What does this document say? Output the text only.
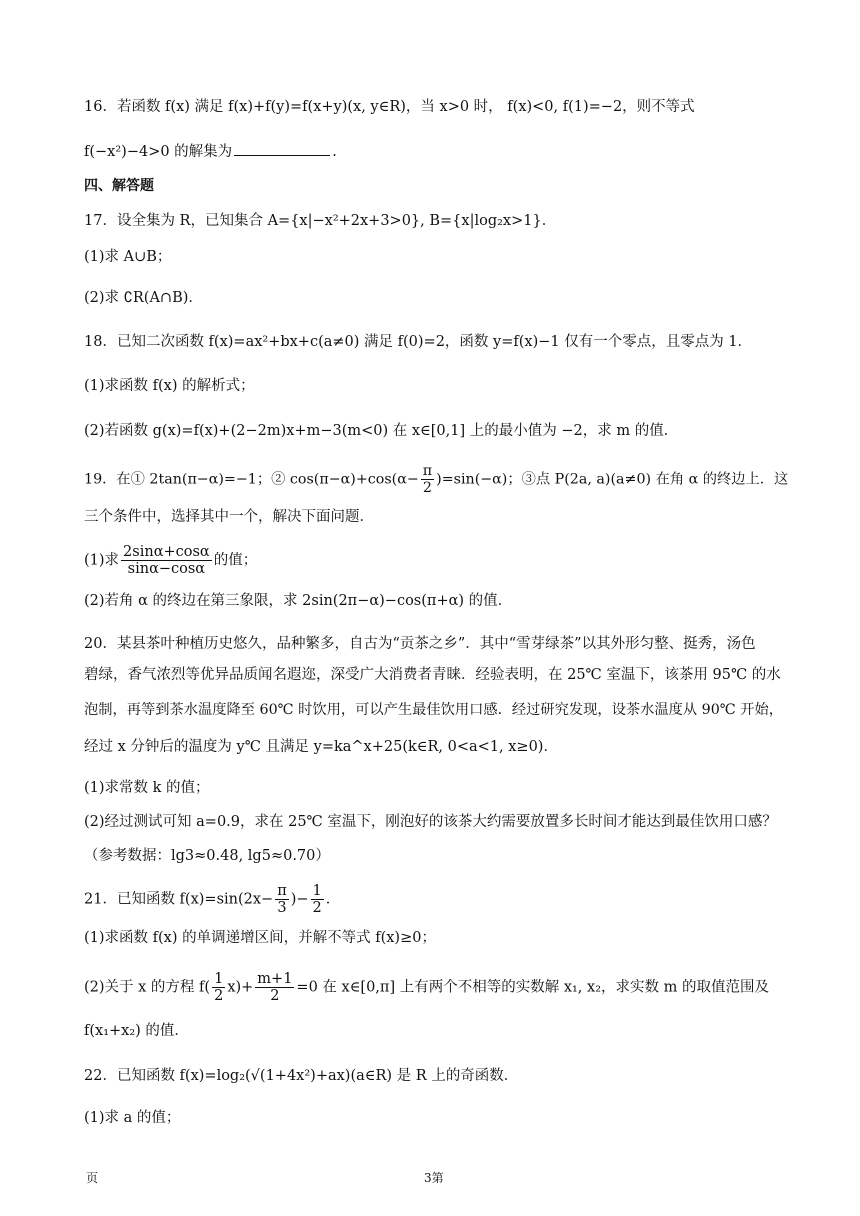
16．若函数 f(x) 满足 f(x)+f(y)=f(x+y)(x, y∈R)，当 x>0 时， f(x)<0, f(1)=−2，则不等式
f(−x²)−4>0 的解集为	.
四、解答题
17．设全集为 R，已知集合 A={x|−x²+2x+3>0}, B={x|log₂x>1}．
(1)求 A∪B；
(2)求 ∁R(A∩B)．
18．已知二次函数 f(x)=ax²+bx+c(a≠0) 满足 f(0)=2，函数 y=f(x)−1 仅有一个零点，且零点为 1．
(1)求函数 f(x) 的解析式；
(2)若函数 g(x)=f(x)+(2−2m)x+m−3(m<0) 在 x∈[0,1] 上的最小值为 −2，求 m 的值．
19．在① 2tan(π−α)=−1；② $\cos(\pi-\alpha)+\cos(\alpha- \frac{\pi}{2} )=\sin(-\alpha)$；③点 P(2a, a)(a≠0) 在角 α 的终边上．这
三个条件中，选择其中一个，解决下面问题．
(1)求 $\frac{2\sin\alpha+\cos\alpha}{\sin\alpha-\cos\alpha}$ 的值；
(2)若角 α 的终边在第三象限，求 2sin(2π−α)−cos(π+α) 的值．
20．某县茶叶种植历史悠久，品种繁多，自古为“贡茶之乡”．其中“雪芽绿茶”以其外形匀整、挺秀，汤色
碧绿，香气浓烈等优异品质闻名遐迩，深受广大消费者青睐．经验表明，在 25℃ 室温下，该茶用 95℃ 的水
泡制，再等到茶水温度降至 60℃ 时饮用，可以产生最佳饮用口感．经过研究发现，设茶水温度从 90℃ 开始，
经过 x 分钟后的温度为 y℃ 且满足 y=ka^x+25(k∈R, 0<a<1, x≥0)．
(1)求常数 k 的值；
(2)经过测试可知 a=0.9，求在 25℃ 室温下，刚泡好的该茶大约需要放置多长时间才能达到最佳饮用口感？
（参考数据：lg3≈0.48, lg5≈0.70）
21．已知函数 $f(x)=\sin(2x- \frac{\pi}{3}$ )− $\frac{1}{2}$ ．
(1)求函数 f(x) 的单调递增区间，并解不等式 f(x)≥0；
(2)关于 x 的方程 $f( \frac{1}{2} x)+ \frac{m+1}{2} =0$ 在 x∈[0,π] 上有两个不相等的实数解 x₁, x₂，求实数 m 的取值范围及
f(x₁+x₂) 的值．
22．已知函数 f(x)=log₂(√(1+4x²)+ax)(a∈R) 是 R 上的奇函数．
(1)求 a 的值；
页	3第
